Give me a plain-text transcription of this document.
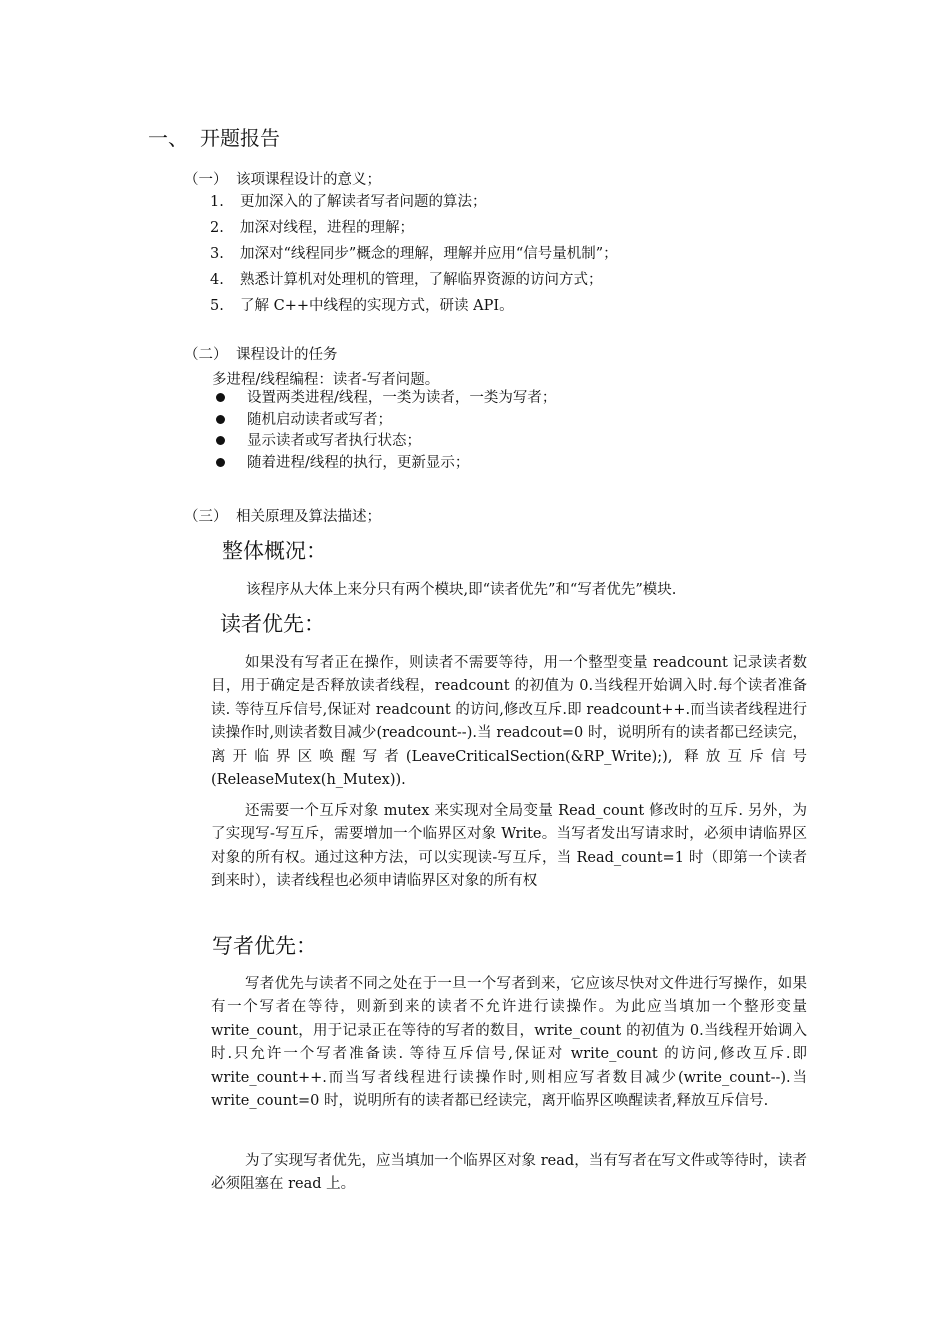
一、 开题报告
（一） 该项课程设计的意义；
1. 更加深入的了解读者写者问题的算法；
2. 加深对线程，进程的理解；
3. 加深对“线程同步”概念的理解，理解并应用“信号量机制”；
4. 熟悉计算机对处理机的管理，了解临界资源的访问方式；
5. 了解 C++中线程的实现方式，研读 API。
（二） 课程设计的任务
多进程/线程编程：读者-写者问题。
设置两类进程/线程，一类为读者，一类为写者；
随机启动读者或写者；
显示读者或写者执行状态；
随着进程/线程的执行，更新显示；
（三） 相关原理及算法描述；
整体概况：
该程序从大体上来分只有两个模块,即“读者优先”和“写者优先”模块.
读者优先：

如果没有写者正在操作，则读者不需要等待，用一个整型变量 readcount 记录读者数目，用于确定是否释放读者线程，readcount 的初值为 0.当线程开始调入时.每个读者准备读. 等待互斥信号,保证对 readcount 的访问,修改互斥.即 readcount++.而当读者线程进行读操作时,则读者数目减少(readcount--).当 readcout=0 时，说明所有的读者都已经读完，离开临界区唤醒写者(LeaveCriticalSection(&RP_Write);), 释放互斥信号(ReleaseMutex(h_Mutex)).

还需要一个互斥对象 mutex 来实现对全局变量 Read_count 修改时的互斥. 另外，为了实现写-写互斥，需要增加一个临界区对象 Write。当写者发出写请求时，必须申请临界区对象的所有权。通过这种方法，可以实现读-写互斥，当 Read_count=1 时（即第一个读者到来时），读者线程也必须申请临界区对象的所有权

写者优先：

写者优先与读者不同之处在于一旦一个写者到来，它应该尽快对文件进行写操作，如果有一个写者在等待，则新到来的读者不允许进行读操作。为此应当填加一个整形变量 write_count，用于记录正在等待的写者的数目，write_count 的初值为 0.当线程开始调入时.只允许一个写者准备读. 等待互斥信号,保证对 write_count 的访问,修改互斥.即 write_count++.而当写者线程进行读操作时,则相应写者数目减少(write_count--).当 write_count=0 时，说明所有的读者都已经读完，离开临界区唤醒读者,释放互斥信号.

为了实现写者优先，应当填加一个临界区对象 read，当有写者在写文件或等待时，读者必须阻塞在 read 上。
